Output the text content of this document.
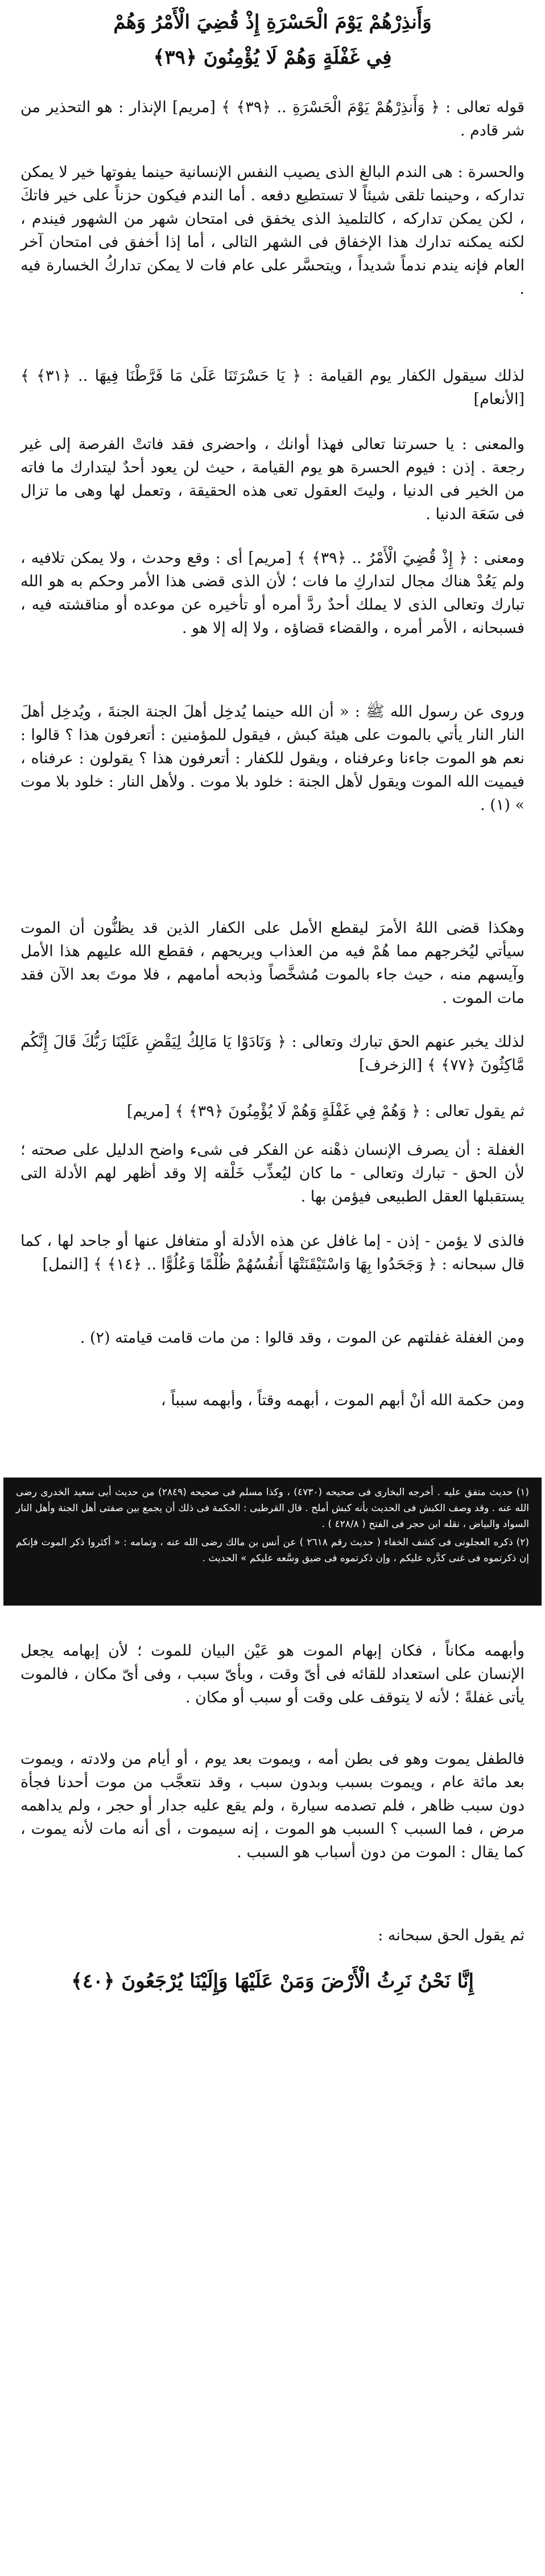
وَأَنذِرْهُمْ يَوْمَ الْحَسْرَةِ إِذْ قُضِيَ الْأَمْرُ وَهُمْ
فِي غَفْلَةٍ وَهُمْ لَا يُؤْمِنُونَ ﴿٣٩﴾
قوله تعالى : ﴿ وَأَنذِرْهُمْ يَوْمَ الْحَسْرَةِ .. ﴿٣٩﴾ ﴾ [مريم] الإنذار : هو التحذير من شر قادم .
والحسرة : هى الندم البالغ الذى يصيب النفس الإنسانية حينما يفوتها خير لا يمكن تداركه ، وحينما تلقى شيئاً لا تستطيع دفعه . أما الندم فيكون حزناً على خير فاتكَ ، لكن يمكن تداركه ، كالتلميذ الذى يخفق فى امتحان شهر من الشهور فيندم ، لكنه يمكنه تدارك هذا الإخفاق فى الشهر التالى ، أما إذا أخفق فى امتحان آخر العام فإنه يندم ندماً شديداً ، ويتحسَّر على عام فات لا يمكن تداركُ الخسارة فيه .
لذلك سيقول الكفار يوم القيامة : ﴿ يَا حَسْرَتَنَا عَلَىٰ مَا فَرَّطْنَا فِيهَا .. ﴿٣١﴾ ﴾ [الأنعام]
والمعنى : يا حسرتنا تعالى فهذا أوانك ، واحضرى فقد فاتتْ الفرصة إلى غير رجعة . إذن : فيوم الحسرة هو يوم القيامة ، حيث لن يعود أحدٌ ليتدارك ما فاته من الخير فى الدنيا ، وليتَ العقول تعى هذه الحقيقة ، وتعمل لها وهى ما تزال فى سَعَة الدنيا .
ومعنى : ﴿ إِذْ قُضِيَ الْأَمْرُ .. ﴿٣٩﴾ ﴾ [مريم] أى : وقع وحدث ، ولا يمكن تلافيه ، ولم يَعُدْ هناك مجال لتداركِ ما فات ؛ لأن الذى قضى هذا الأمر وحكم به هو الله تبارك وتعالى الذى لا يملك أحدٌ ردَّ أمره أو تأخيره عن موعده أو مناقشته فيه ، فسبحانه ، الأمر أمره ، والقضاء قضاؤه ، ولا إله إلا هو .
وروى عن رسول الله ﷺ : « أن الله حينما يُدخِل أهلَ الجنة الجنةَ ، ويُدخِل أهلَ النار النار يأتي بالموت على هيئة كبش ، فيقول للمؤمنين : أتعرفون هذا ؟ قالوا : نعم هو الموت جاءنا وعرفناه ، ويقول للكفار : أتعرفون هذا ؟ يقولون : عرفناه ، فيميت الله الموت ويقول لأهل الجنة : خلود بلا موت . ولأهل النار : خلود بلا موت » (١) .
وهكذا قضى اللهُ الأمرَ ليقطع الأمل على الكفار الذين قد يظنُّون أن الموت سيأتي ليُخرجهم مما هُمْ فيه من العذاب ويريحهم ، فقطع الله عليهم هذا الأمل وآيسهم منه ، حيث جاء بالموت مُشخَّصاً وذبحه أمامهم ، فلا موتَ بعد الآن فقد مات الموت .
لذلك يخبر عنهم الحق تبارك وتعالى : ﴿ وَنَادَوْا يَا مَالِكُ لِيَقْضِ عَلَيْنَا رَبُّكَ قَالَ إِنَّكُم مَّاكِثُونَ ﴿٧٧﴾ ﴾ [الزخرف]
ثم يقول تعالى : ﴿ وَهُمْ فِي غَفْلَةٍ وَهُمْ لَا يُؤْمِنُونَ ﴿٣٩﴾ ﴾ [مريم]
الغفلة : أن يصرف الإنسان ذهْنه عن الفكر فى شىء واضح الدليل على صحته ؛ لأن الحق - تبارك وتعالى - ما كان ليُعذِّب خَلْقه إلا وقد أظهر لهم الأدلة التى يستقبلها العقل الطبيعى فيؤمن بها .
فالذى لا يؤمن - إذن - إما غافل عن هذه الأدلة أو متغافل عنها أو جاحد لها ، كما قال سبحانه : ﴿ وَجَحَدُوا بِهَا وَاسْتَيْقَنَتْهَا أَنفُسُهُمْ ظُلْمًا وَعُلُوًّا .. ﴿١٤﴾ ﴾ [النمل]
ومن الغفلة غفلتهم عن الموت ، وقد قالوا : من مات قامت قيامته (٢) .
ومن حكمة الله أنْ أبهم الموت ، أبهمه وقتاً ، وأبهمه سبباً ،

(١) حديث متفق عليه . أخرجه البخارى فى صحيحه (٤٧٣٠) ، وكذا مسلم فى صحيحه (٢٨٤٩) من حديث أبى سعيد الخدرى رضى الله عنه . وقد وصف الكبش فى الحديث بأنه كبش أملح . قال القرطبى : الحكمة فى ذلك أن يجمع بين صفتى أهل الجنة وأهل النار السواد والبياض ، نقله ابن حجر فى الفتح ( ٤٢٨/٨ ) .

(٢) ذكره العجلونى فى كشف الخفاء ( حديث رقم ٢٦١٨ ) عن أنس بن مالك رضى الله عنه ، وتمامه : « أكثروا ذكر الموت فإنكم إن ذكرتموه فى غنى كدَّره عليكم ، وإن ذكرتموه فى ضيق وسَّعه عليكم » الحديث .

وأبهمه مكاناً ، فكان إبهام الموت هو عَيْن البيان للموت ؛ لأن إبهامه يجعل الإنسان على استعداد للقائه فى أىّ وقت ، وبأىّ سبب ، وفى أىّ مكان ، فالموت يأتى غفلةً ؛ لأنه لا يتوقف على وقت أو سبب أو مكان .
فالطفل يموت وهو فى بطن أمه ، ويموت بعد يوم ، أو أيام من ولادته ، ويموت بعد مائة عام ، ويموت بسبب وبدون سبب ، وقد نتعجَّب من موت أحدنا فجأة دون سبب ظاهر ، فلم تصدمه سيارة ، ولم يقع عليه جدار أو حجر ، ولم يداهمه مرض ، فما السبب ؟ السبب هو الموت ، إنه سيموت ، أى أنه مات لأنه يموت ، كما يقال : الموت من دون أسباب هو السبب .
ثم يقول الحق سبحانه :
إِنَّا نَحْنُ نَرِثُ الْأَرْضَ وَمَنْ عَلَيْهَا وَإِلَيْنَا يُرْجَعُونَ ﴿٤٠﴾
